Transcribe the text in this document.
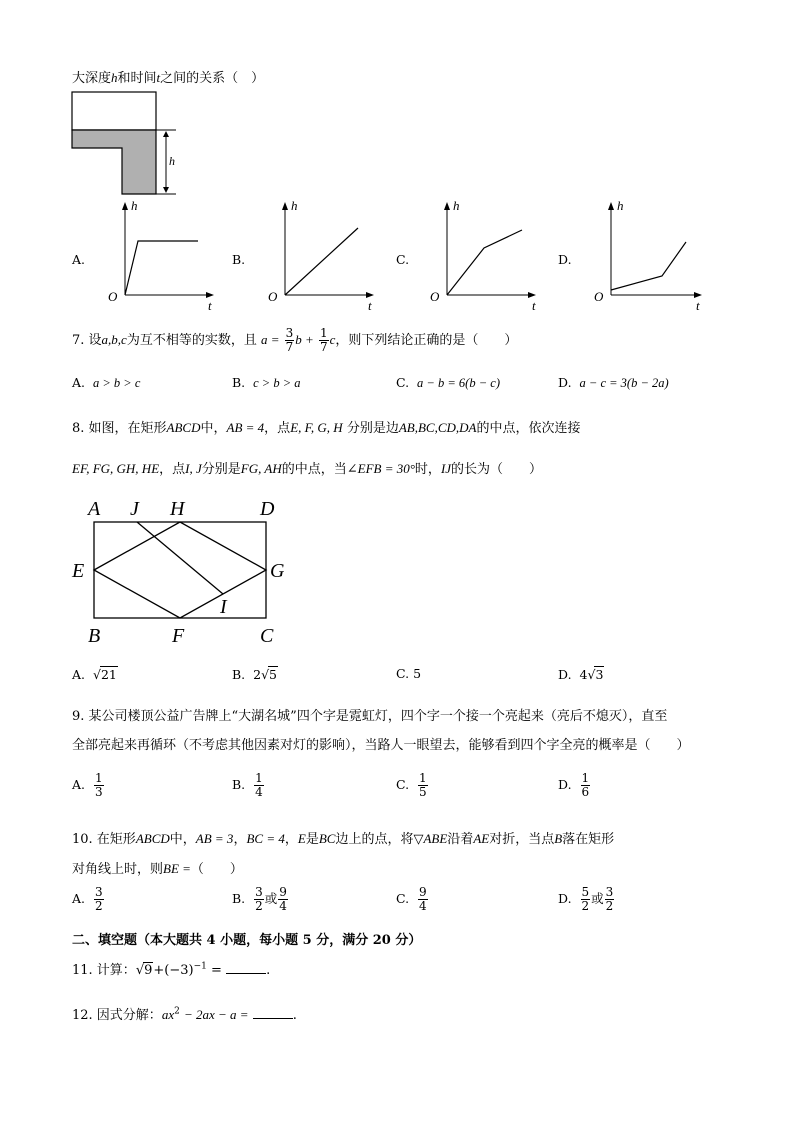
大深度h和时间t之间的关系（　）
h
A.
h
t
O
B.
h
t
O
C.
h
t
O
D.
h
t
O
7. 设a,b,c为互不相等的实数，且 $a = \frac{3}{7}$ $b + \frac{1}{7}$ c，则下列结论正确的是（　　）
A. a > b > c	B. c > b > a	C. a − b = 6(b − c)	D. a − c = 3(b − 2a)
8. 如图，在矩形ABCD中，AB = 4，点E, F, G, H 分别是边AB,BC,CD,DA的中点，依次连接
EF, FG, GH, HE，点I, J分别是FG, AH的中点，当∠EFB = 30°时，IJ的长为（　　）
A J H	D
E	G
I
B	F	C
A.  √21	B. 2√5	C. 5	D. 4√3
9. 某公司楼顶公益广告牌上“大湖名城”四个字是霓虹灯，四个字一个接一个亮起来（亮后不熄灭），直至
全部亮起来再循环（不考虑其他因素对灯的影响），当路人一眼望去，能够看到四个字全亮的概率是（　　）
A. $\frac{1}{3}$	B. $\frac{1}{4}$	C. $\frac{1}{5}$	D. $\frac{1}{6}$
10. 在矩形ABCD中，AB = 3，BC = 4，E是BC边上的点，将▽ABE沿着AE对折，当点B落在矩形
对角线上时，则BE =（　　）
A. $\frac{3}{2}$	B. $\frac{3}{2}$ 或 $\frac{9}{4}$	C. $\frac{9}{4}$	D. $\frac{5}{2}$ 或 $\frac{3}{2}$
二、填空题（本大题共 4 小题，每小题 5 分，满分 20 分）
11. 计算：$√9+(-3)^{-1}$ =	.
12. 因式分解：$ax^2 - 2ax - a$ =	.
